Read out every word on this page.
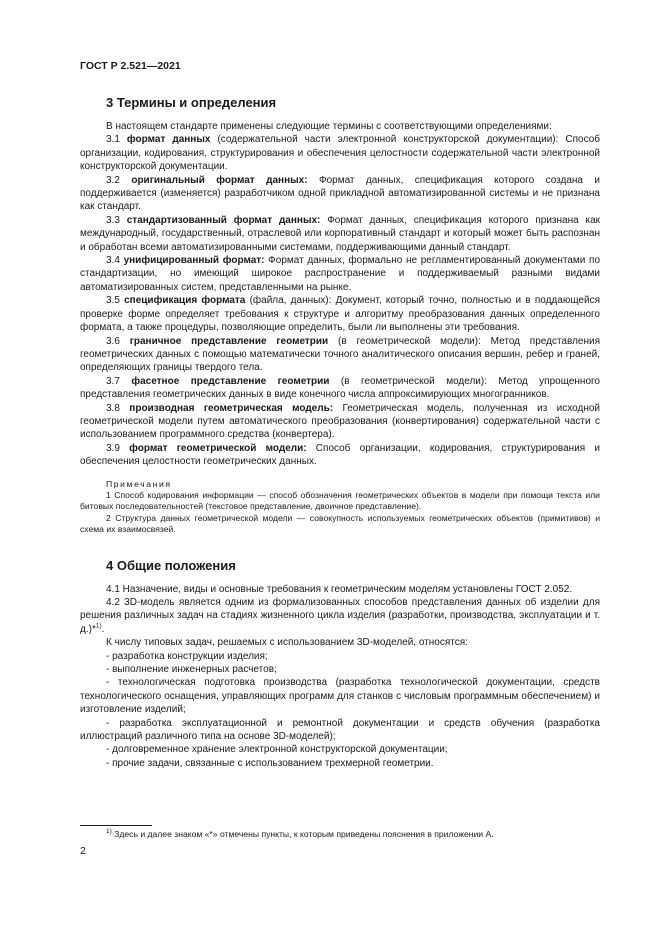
ГОСТ Р 2.521—2021
3 Термины и определения

В настоящем стандарте применены следующие термины с соответствующими определениями:

3.1 формат данных (содержательной части электронной конструкторской документации): Способ организации, кодирования, структурирования и обеспечения целостности содержательной части электронной конструкторской документации.

3.2 оригинальный формат данных: Формат данных, спецификация которого создана и поддерживается (изменяется) разработчиком одной прикладной автоматизированной системы и не признана как стандарт.

3.3 стандартизованный формат данных: Формат данных, спецификация которого признана как международный, государственный, отраслевой или корпоративный стандарт и который может быть распознан и обработан всеми автоматизированными системами, поддерживающими данный стандарт.

3.4 унифицированный формат: Формат данных, формально не регламентированный документами по стандартизации, но имеющий широкое распространение и поддерживаемый разными видами автоматизированных систем, представленными на рынке.

3.5 спецификация формата (файла, данных): Документ, который точно, полностью и в поддающейся проверке форме определяет требования к структуре и алгоритму преобразования данных определенного формата, а также процедуры, позволяющие определить, были ли выполнены эти требования.

3.6 граничное представление геометрии (в геометрической модели): Метод представления геометрических данных с помощью математически точного аналитического описания вершин, ребер и граней, определяющих границы твердого тела.

3.7 фасетное представление геометрии (в геометрической модели): Метод упрощенного представления геометрических данных в виде конечного числа аппроксимирующих многогранников.

3.8 производная геометрическая модель: Геометрическая модель, полученная из исходной геометрической модели путем автоматического преобразования (конвертирования) содержательной части с использованием программного средства (конвертера).

3.9 формат геометрической модели: Способ организации, кодирования, структурирования и обеспечения целостности геометрических данных.

Примечания

1 Способ кодирования информации — способ обозначения геометрических объектов в модели при помощи текста или битовых последовательностей (текстовое представление, двоичное представление).

2 Структура данных геометрической модели — совокупность используемых геометрических объектов (примитивов) и схема их взаимосвязей.

4 Общие положения

4.1 Назначение, виды и основные требования к геометрическим моделям установлены ГОСТ 2.052.

4.2 3D-модель является одним из формализованных способов представления данных об изделии для решения различных задач на стадиях жизненного цикла изделия (разработки, производства, эксплуатации и т. д.)*$^{1)}$.

К числу типовых задач, решаемых с использованием 3D-моделей, относятся:

- разработка конструкции изделия;

- выполнение инженерных расчетов;

- технологическая подготовка производства (разработка технологической документации, средств технологического оснащения, управляющих программ для станков с числовым программным обеспечением) и изготовление изделий;

- разработка эксплуатационной и ремонтной документации и средств обучения (разработка иллюстраций различного типа на основе 3D-моделей);

- долговременное хранение электронной конструкторской документации;

- прочие задачи, связанные с использованием трехмерной геометрии.

$^{1)}$ Здесь и далее знаком «*» отмечены пункты, к которым приведены пояснения в приложении А.

2
